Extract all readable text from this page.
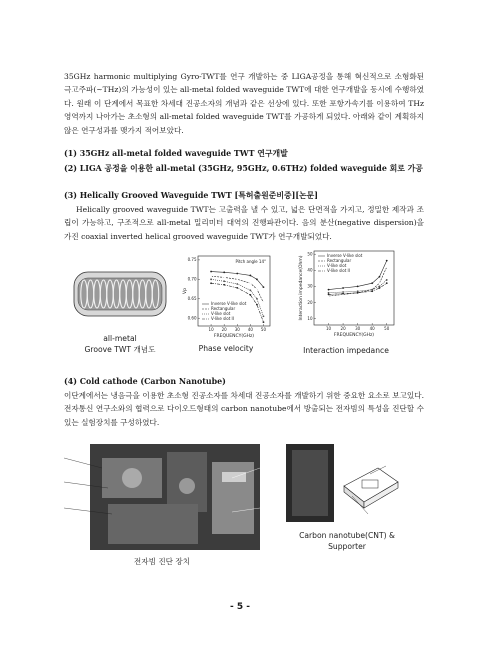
35GHz harmonic multiplying Gyro-TWT를 연구 개발하는 중 LIGA공정을 통해 혁신적으로 소형화된 극고주파(~THz)의 가능성이 있는 all-metal folded waveguide TWT에 대한 연구개발을 동시에 수행하였다. 원래 이 단계에서 목표한 차세대 진공소자의 개념과 같은 선상에 있다. 또한 포항가속기를 이용하여 THz영역까지 나아가는 초소형의 all-metal folded waveguide TWT를 가공하게 되었다. 아래와 같이 계획하지 않은 연구성과를 맺가지 적어보았다.

(1) 35GHz all-metal folded waveguide TWT 연구개발

(2) LIGA 공정을 이용한 all-metal (35GHz, 95GHz, 0.6THz) folded waveguide 회로 가공

(3) Helically Grooved Waveguide TWT [특허출원준비중][논문]

Helically grooved waveguide TWT는 고출력을 낼 수 있고, 넓은 단면적을 가지고, 정밀한 제작과 조립이 가능하고, 구조적으로 all-metal 밀리미터 대역의 진행파관이다. 음의 분산(negative dispersion)을 가진 coaxial inverted helical grooved waveguide TWT가 연구개발되었다.

all-metal
Groove TWT 개념도
10 20 30 40 50
0.60
0.65
0.70
0.75
FREQUENCY(GHz)
Vp
Pitch angle 14°
Inverse V-like slot
Rectangular
V-like slot
V-like slot II
Phase velocity
10 20 30 40 50
10
20
30
40
50
FREQUENCY(GHz)
Interaction impedance(Ohm)	Inverse V-like slot
Rectangular
V-like slot
V-like slot II
Interaction impedance

(4) Cold cathode (Carbon Nanotube)

이단계에서는 냉음극을 이용한 초소형 진공소자를 차세대 진공소자를 개발하기 위한 중요한 요소로 보고있다. 전자통신 연구소와의 협력으로 다이오드형태의 carbon nanotube에서 방출되는 전자빔의 특성을 진단할 수 있는 실험장치를 구성하였다.

전자빔 진단 장치
Carbon nanotube(CNT) &
Supporter
- 5 -
